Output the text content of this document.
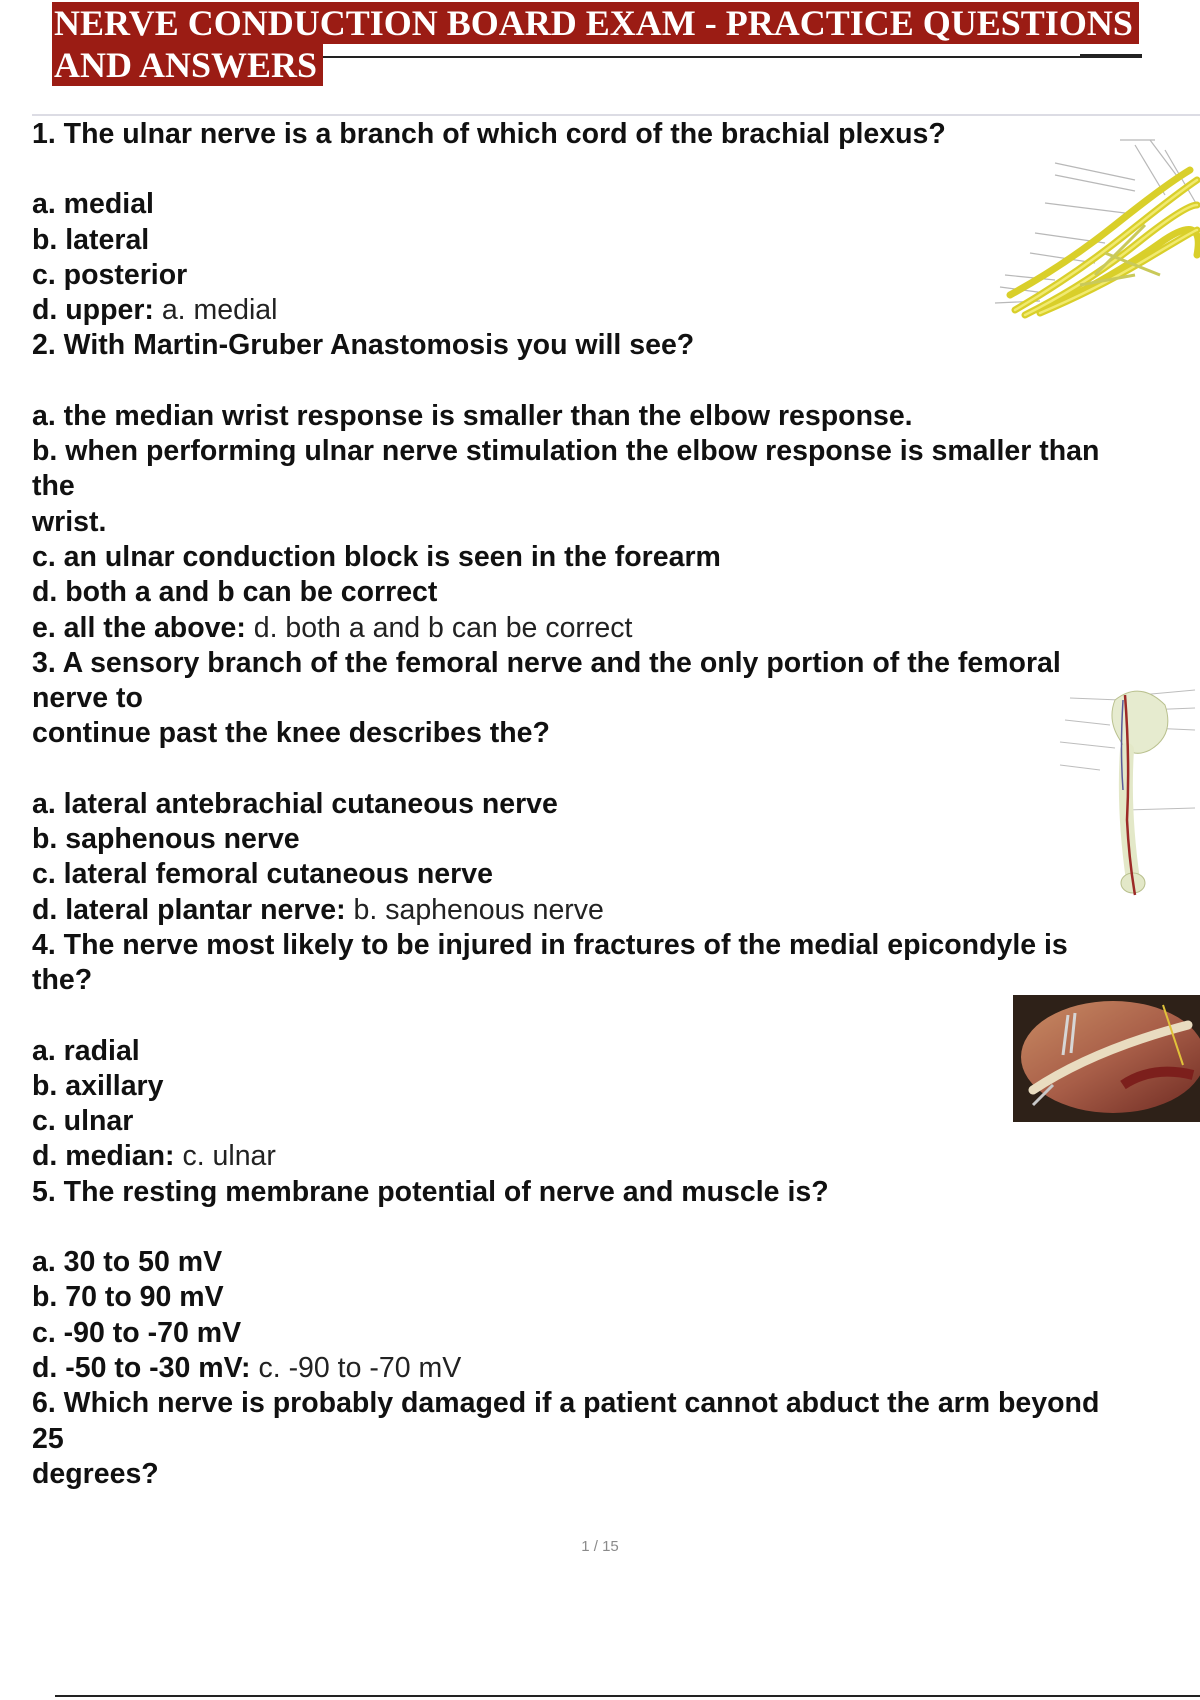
NERVE CONDUCTION BOARD EXAM - PRACTICE QUESTIONS
AND ANSWERS
1. The ulnar nerve is a branch of which cord of the brachial plexus?
a. medial
b. lateral
c. posterior
d. upper: a. medial
2. With Martin-Gruber Anastomosis you will see?
a. the median wrist response is smaller than the elbow response.
b. when performing ulnar nerve stimulation the elbow response is smaller than
the
wrist.
c. an ulnar conduction block is seen in the forearm
d. both a and b can be correct
e. all the above: d. both a and b can be correct
3. A sensory branch of the femoral nerve and the only portion of the femoral
nerve to
continue past the knee describes the?
a. lateral antebrachial cutaneous nerve
b. saphenous nerve
c. lateral femoral cutaneous nerve
d. lateral plantar nerve: b. saphenous nerve
4. The nerve most likely to be injured in fractures of the medial epicondyle is
the?
a. radial
b. axillary
c. ulnar
d. median: c. ulnar
5. The resting membrane potential of nerve and muscle is?
a. 30 to 50 mV
b. 70 to 90 mV
c. -90 to -70 mV
d. -50 to -30 mV: c. -90 to -70 mV
6. Which nerve is probably damaged if a patient cannot abduct the arm beyond
25
degrees?
1 / 15
